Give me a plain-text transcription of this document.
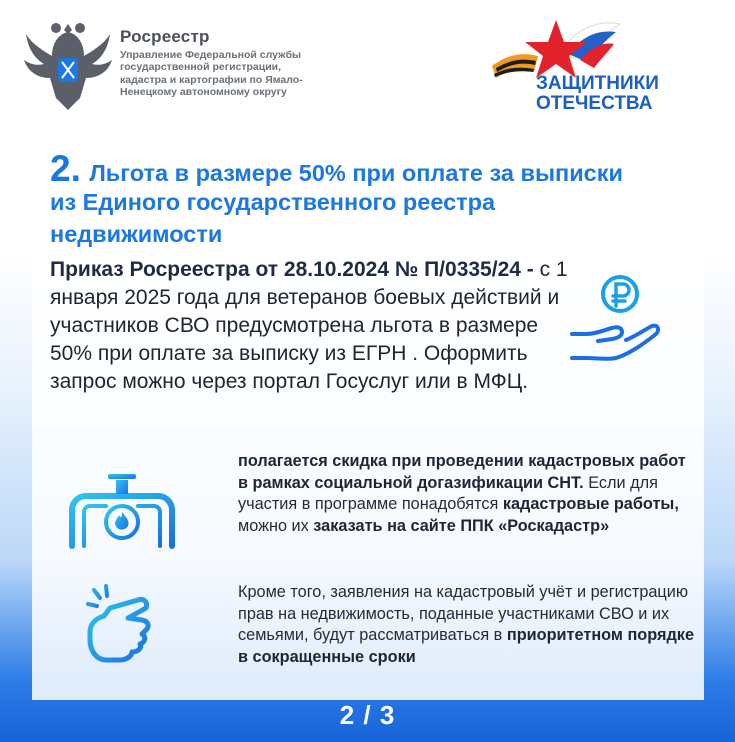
Росреестр
Управление Федеральной службы государственной регистрации, кадастра и картографии по Ямало-Ненецкому автономному округу	ЗАЩИТНИКИ
ОТЕЧЕСТВА
2. Льгота в размере 50% при оплате за выписки
из Единого государственного реестра
недвижимости
Приказ Росреестра от 28.10.2024 № П/0335/24 - с 1 января 2025 года для ветеранов боевых действий и участников СВО предусмотрена льгота в размере 50% при оплате за выписку из ЕГРН . Оформить запрос можно через портал Госуслуг или в МФЦ.
полагается скидка при проведении кадастровых работ в рамках социальной догазификации СНТ. Если для участия в программе понадобятся кадастровые работы, можно их заказать на сайте ППК «Роскадастр»
Кроме того, заявления на кадастровый учёт и регистрацию прав на недвижимость, поданные участниками СВО и их семьями, будут рассматриваться в приоритетном порядке в сокращенные сроки
2 / 3
